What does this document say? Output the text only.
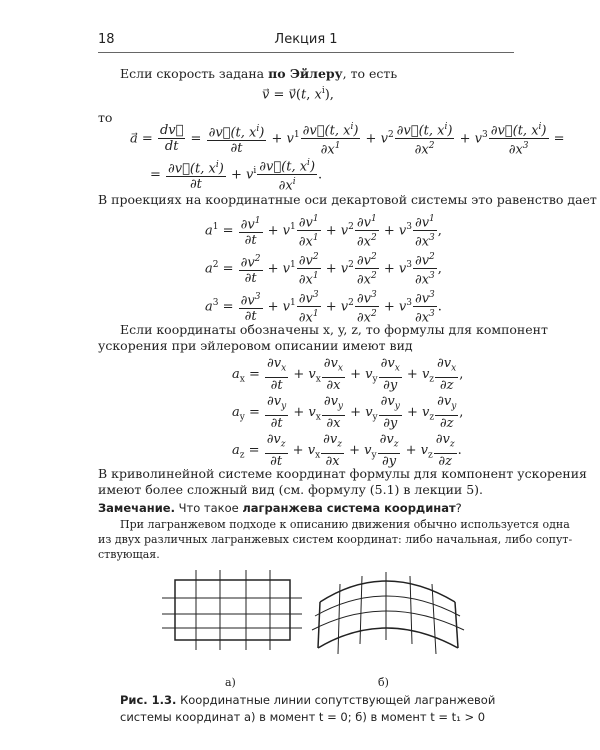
18	Лекция 1
Если скорость задана по Эйлеру, то есть
v⃗ = v⃗(t, $x^i$),
то
a⃗ = $\frac{dv}{dt} = \frac{\partial v⃗(t, x^i)}{\partial t} + v^1 \frac{\partial v⃗(t, x^i)}{\partial x^1} + v^2 \frac{\partial v⃗(t, x^i)}{\partial x^2} + v^3 \frac{\partial v⃗(t, x^i)}{\partial x^3}$ =
= $\frac{\partial v⃗(t, x^i)}{\partial t} + v^i \frac{\partial v⃗(t, x^i)}{\partial x^i}$ .
В проекциях на координатные оси декартовой системы это равенство дает
$a^1 = \frac{\partial v^1}{\partial t} + v^1 \frac{\partial v^1}{\partial x^1} + v^2 \frac{\partial v^1}{\partial x^2} + v^3 \frac{\partial v^1}{\partial x^3}$ ,
$a^2 = \frac{\partial v^2}{\partial t} + v^1 \frac{\partial v^2}{\partial x^1} + v^2 \frac{\partial v^2}{\partial x^2} + v^3 \frac{\partial v^2}{\partial x^3}$ ,
$a^3 = \frac{\partial v^3}{\partial t} + v^1 \frac{\partial v^3}{\partial x^1} + v^2 \frac{\partial v^3}{\partial x^2} + v^3 \frac{\partial v^3}{\partial x^3}$ .
Если координаты обозначены x, y, z, то формулы для компонент
ускорения при эйлеровом описании имеют вид
$a_x = \frac{\partial v_x}{\partial t} + v_x \frac{\partial v_x}{\partial x} + v_y \frac{\partial v_x}{\partial y} + v_z \frac{\partial v_x}{\partial z}$ ,
$a_y = \frac{\partial v_y}{\partial t} + v_x \frac{\partial v_y}{\partial x} + v_y \frac{\partial v_y}{\partial y} + v_z \frac{\partial v_y}{\partial z}$ ,
$a_z = \frac{\partial v_z}{\partial t} + v_x \frac{\partial v_z}{\partial x} + v_y \frac{\partial v_z}{\partial y} + v_z \frac{\partial v_z}{\partial z}$ .
В криволинейной системе координат формулы для компонент ускорения
имеют более сложный вид (см. формулу (5.1) в лекции 5).
Замечание. Что такое лагранжева система координат?
При лагранжевом подходе к описанию движения обычно используется одна
из двух различных лагранжевых систем координат: либо начальная, либо сопут-
ствующая.
а)	б)
Рис. 1.3. Координатные линии сопутствующей лагранжевой
системы координат а) в момент t = 0; б) в момент t = t₁ > 0
